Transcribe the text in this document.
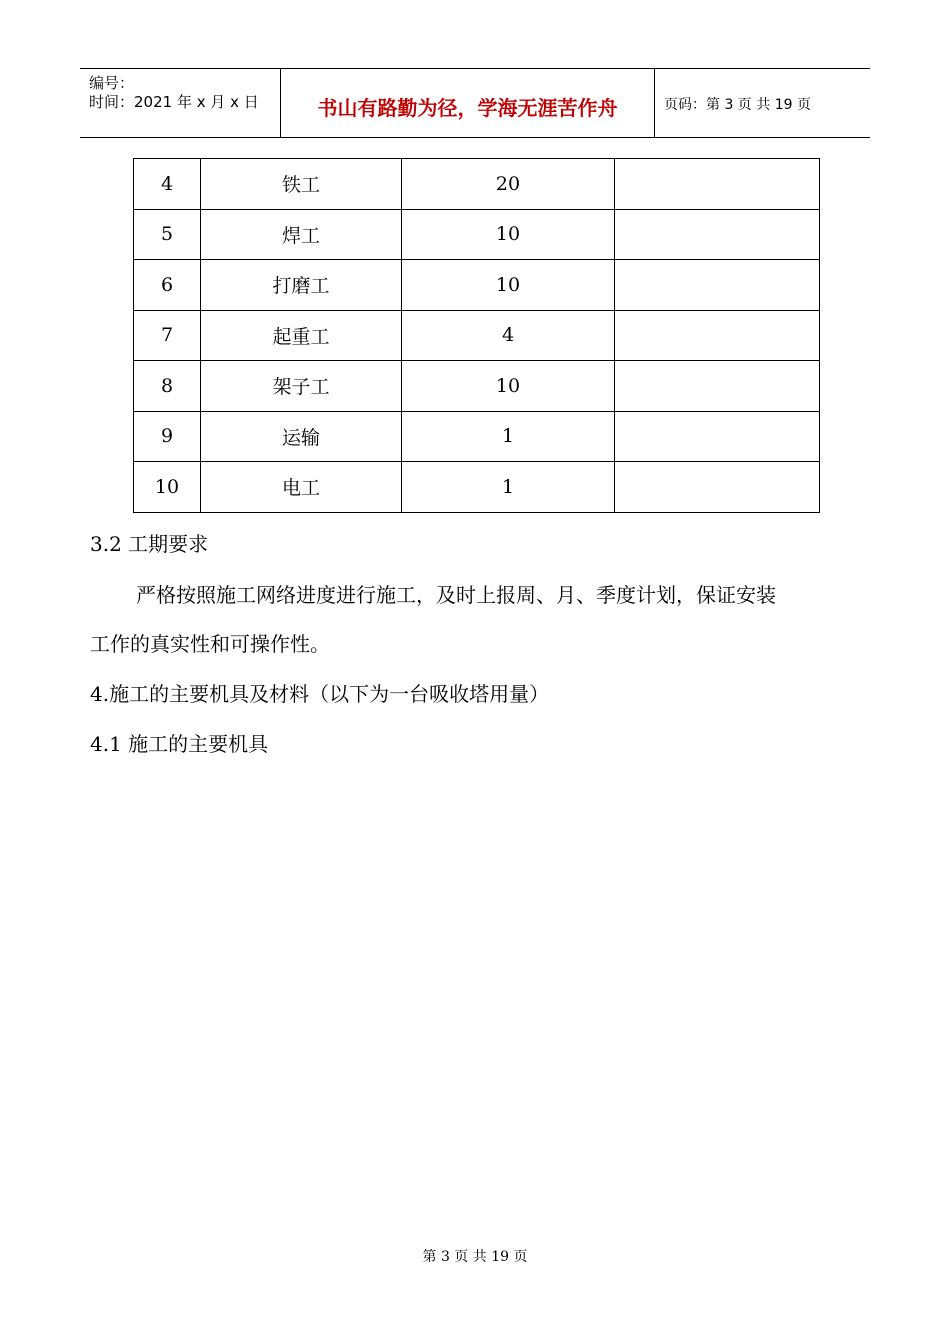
编号：
时间：2021 年 x 月 x 日	书山有路勤为径，学海无涯苦作舟	页码：第 3 页 共 19 页
4	铁工	20	
5	焊工	10	
6	打磨工	10	
7	起重工	4	
8	架子工	10	
9	运输	1	
10	电工	1	
3.2 工期要求
严格按照施工网络进度进行施工，及时上报周、月、季度计划，保证安装
工作的真实性和可操作性。
4.施工的主要机具及材料（以下为一台吸收塔用量）
4.1 施工的主要机具
第 3 页 共 19 页
